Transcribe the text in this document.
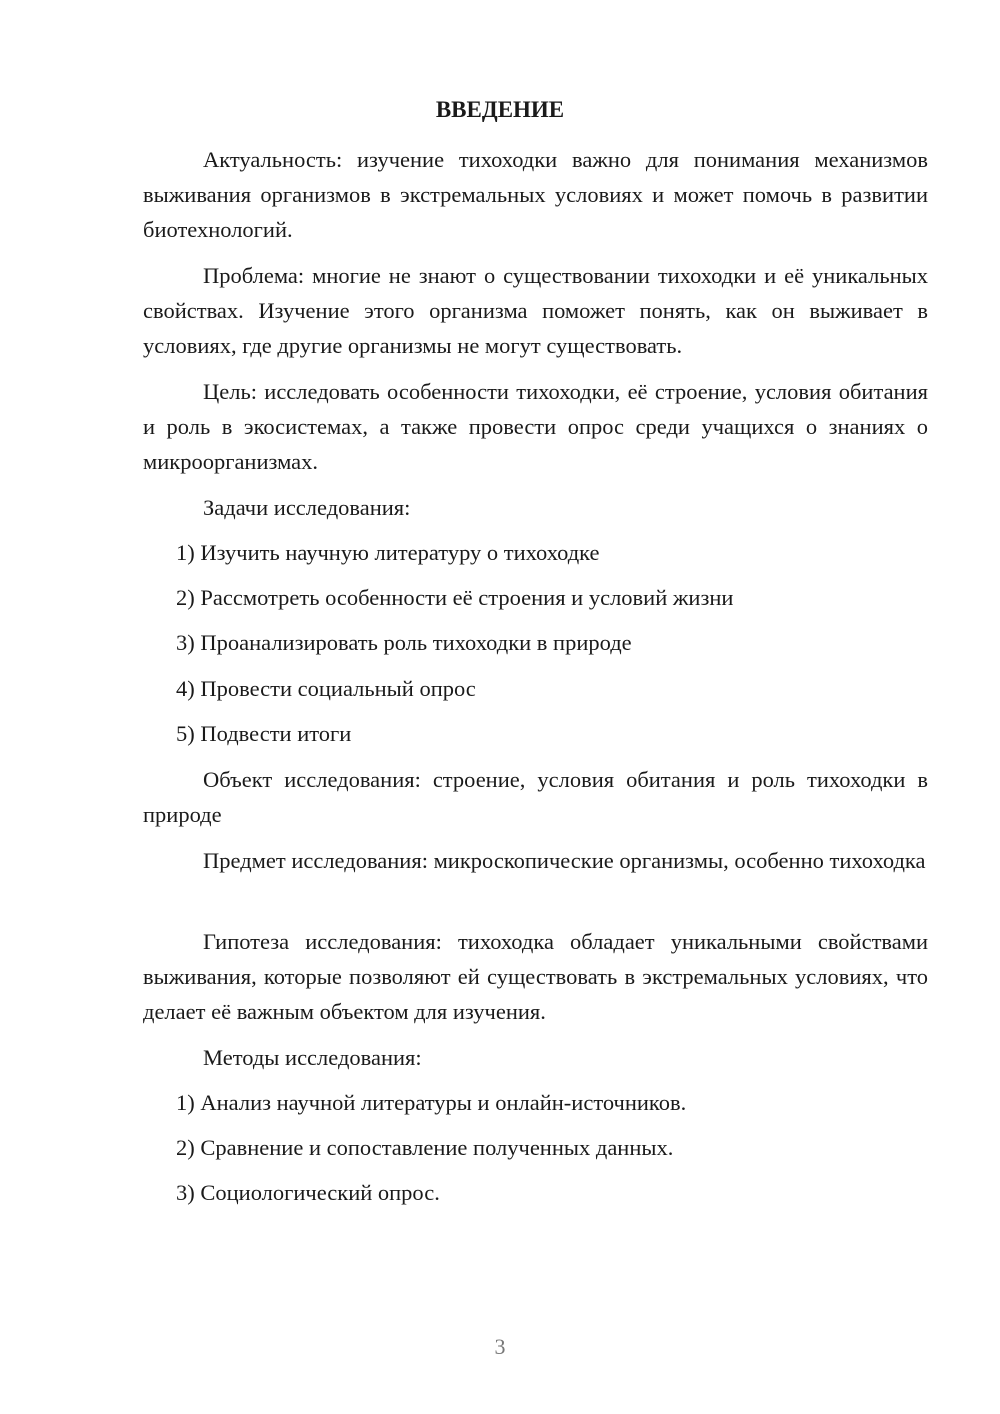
ВВЕДЕНИЕ

Актуальность: изучение тихоходки важно для понимания механизмов выживания организмов в экстремальных условиях и может помочь в развитии биотехнологий.

Проблема: многие не знают о существовании тихоходки и её уникальных свойствах. Изучение этого организма поможет понять, как он выживает в условиях, где другие организмы не могут существовать.

Цель: исследовать особенности тихоходки, её строение, условия обитания и роль в экосистемах, а также провести опрос среди учащихся о знаниях о микроорганизмах.

Задачи исследования:

1) Изучить научную литературу о тихоходке

2) Рассмотреть особенности её строения и условий жизни

3) Проанализировать роль тихоходки в природе

4) Провести социальный опрос

5) Подвести итоги

Объект исследования: строение, условия обитания и роль тихоходки в природе

Предмет исследования: микроскопические организмы, особенно тихоходка

Гипотеза исследования: тихоходка обладает уникальными свойствами выживания, которые позволяют ей существовать в экстремальных условиях, что делает её важным объектом для изучения.

Методы исследования:

1) Анализ научной литературы и онлайн-источников.

2) Сравнение и сопоставление полученных данных.

3) Социологический опрос.

3
